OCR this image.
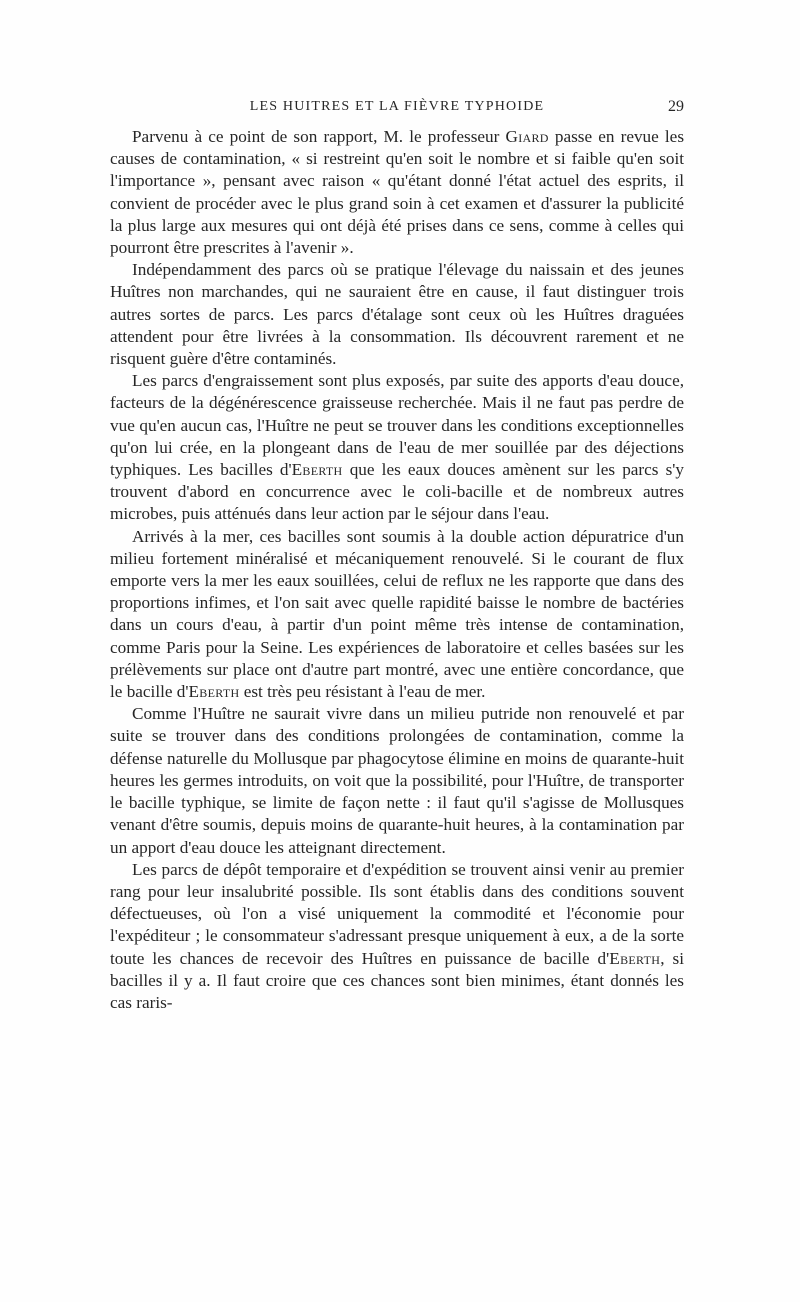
LES HUITRES ET LA FIÈVRE TYPHOIDE	29

Parvenu à ce point de son rapport, M. le professeur Giard passe en revue les causes de contamination, « si restreint qu'en soit le nombre et si faible qu'en soit l'importance », pensant avec raison « qu'étant donné l'état actuel des esprits, il convient de procéder avec le plus grand soin à cet examen et d'assurer la publicité la plus large aux mesures qui ont déjà été prises dans ce sens, comme à celles qui pourront être prescrites à l'avenir ».

Indépendamment des parcs où se pratique l'élevage du naissain et des jeunes Huîtres non marchandes, qui ne sauraient être en cause, il faut distinguer trois autres sortes de parcs. Les parcs d'étalage sont ceux où les Huîtres draguées attendent pour être livrées à la consommation. Ils découvrent rarement et ne risquent guère d'être contaminés.

Les parcs d'engraissement sont plus exposés, par suite des apports d'eau douce, facteurs de la dégénérescence graisseuse recherchée. Mais il ne faut pas perdre de vue qu'en aucun cas, l'Huître ne peut se trouver dans les conditions exceptionnelles qu'on lui crée, en la plongeant dans de l'eau de mer souillée par des déjections typhiques. Les bacilles d'Eberth que les eaux douces amènent sur les parcs s'y trouvent d'abord en concurrence avec le coli-bacille et de nombreux autres microbes, puis atténués dans leur action par le séjour dans l'eau.

Arrivés à la mer, ces bacilles sont soumis à la double action dépuratrice d'un milieu fortement minéralisé et mécaniquement renouvelé. Si le courant de flux emporte vers la mer les eaux souillées, celui de reflux ne les rapporte que dans des proportions infimes, et l'on sait avec quelle rapidité baisse le nombre de bactéries dans un cours d'eau, à partir d'un point même très intense de contamination, comme Paris pour la Seine. Les expériences de laboratoire et celles basées sur les prélèvements sur place ont d'autre part montré, avec une entière concordance, que le bacille d'Eberth est très peu résistant à l'eau de mer.

Comme l'Huître ne saurait vivre dans un milieu putride non renouvelé et par suite se trouver dans des conditions prolongées de contamination, comme la défense naturelle du Mollusque par phagocytose élimine en moins de quarante-huit heures les germes introduits, on voit que la possibilité, pour l'Huître, de transporter le bacille typhique, se limite de façon nette : il faut qu'il s'agisse de Mollusques venant d'être soumis, depuis moins de quarante-huit heures, à la contamination par un apport d'eau douce les atteignant directement.

Les parcs de dépôt temporaire et d'expédition se trouvent ainsi venir au premier rang pour leur insalubrité possible. Ils sont établis dans des conditions souvent défectueuses, où l'on a visé uniquement la commodité et l'économie pour l'expéditeur ; le consommateur s'adressant presque uniquement à eux, a de la sorte toute les chances de recevoir des Huîtres en puissance de bacille d'Eberth, si bacilles il y a. Il faut croire que ces chances sont bien minimes, étant donnés les cas raris-
